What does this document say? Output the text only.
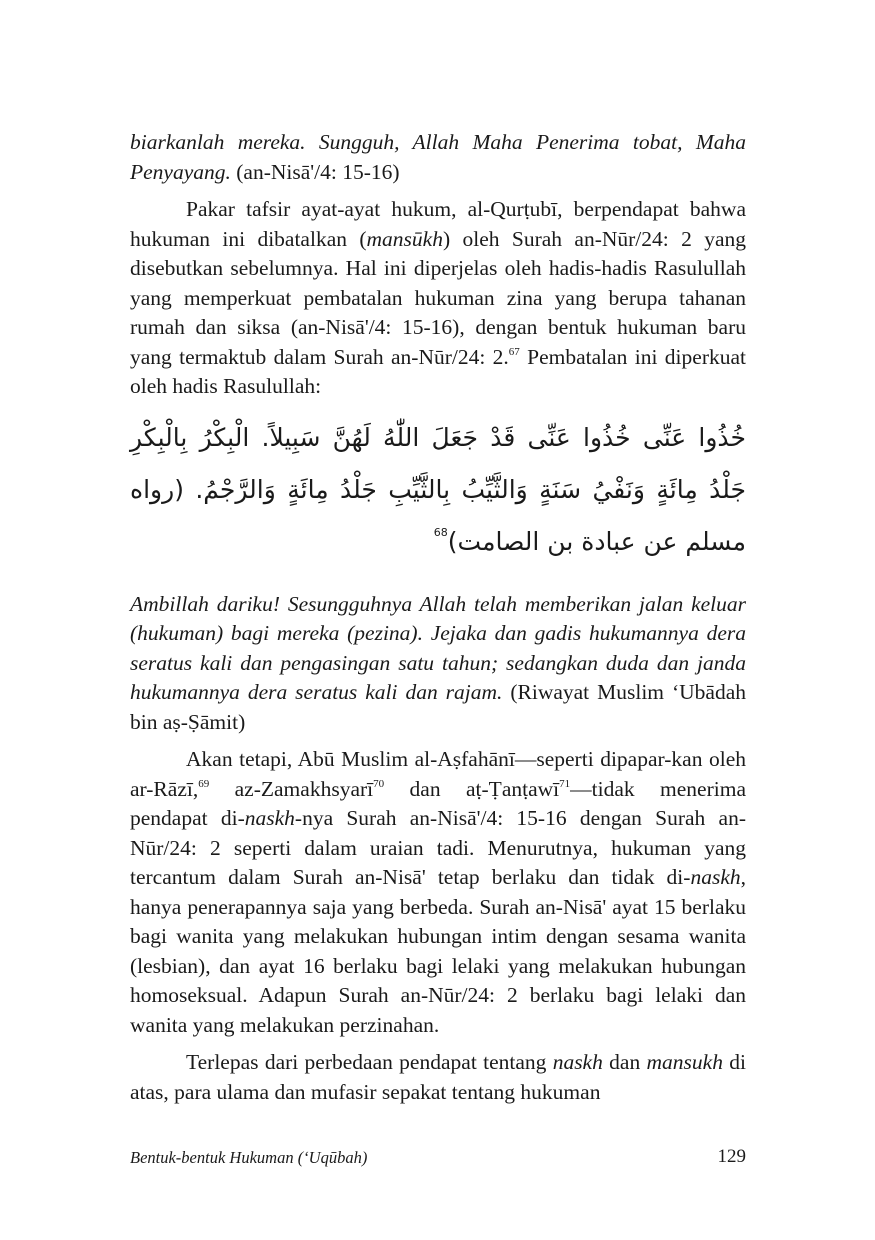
biarkanlah mereka. Sungguh, Allah Maha Penerima tobat, Maha Penyayang. (an-Nisā'/4: 15-16)

Pakar tafsir ayat-ayat hukum, al-Qurṭubī, berpendapat bahwa hukuman ini dibatalkan (mansūkh) oleh Surah an-Nūr/24: 2 yang disebutkan sebelumnya. Hal ini diperjelas oleh hadis-hadis Rasulullah yang memperkuat pembatalan hukuman zina yang berupa tahanan rumah dan siksa (an-Nisā'/4: 15-16), dengan bentuk hukuman baru yang termaktub dalam Surah an-Nūr/24: 2.67 Pembatalan ini diperkuat oleh hadis Rasulullah:

خُذُوا عَنِّى خُذُوا عَنِّى قَدْ جَعَلَ اللّٰهُ لَهُنَّ سَبِيلاً. الْبِكْرُ بِالْبِكْرِ جَلْدُ مِائَةٍ وَنَفْيُ سَنَةٍ وَالثَّيِّبُ بِالثَّيِّبِ جَلْدُ مِائَةٍ وَالرَّجْمُ. (رواه مسلم عن عبادة بن الصامت)$^{68}$

Ambillah dariku! Sesungguhnya Allah telah memberikan jalan keluar (hukuman) bagi mereka (pezina). Jejaka dan gadis hukumannya dera seratus kali dan pengasingan satu tahun; sedangkan duda dan janda hukumannya dera seratus kali dan rajam. (Riwayat Muslim ‘Ubādah bin aṣ-Ṣāmit)

Akan tetapi, Abū Muslim al-Aṣfahānī—seperti dipapar-kan oleh ar-Rāzī,$^{69}$ az-Zamakhsyarī$^{70}$ dan aṭ-Ṭanṭawī$^{71}$—tidak menerima pendapat di-naskh-nya Surah an-Nisā'/4: 15-16 dengan Surah an-Nūr/24: 2 seperti dalam uraian tadi. Menurutnya, hukuman yang tercantum dalam Surah an-Nisā' tetap berlaku dan tidak di-naskh, hanya penerapannya saja yang berbeda. Surah an-Nisā' ayat 15 berlaku bagi wanita yang melakukan hubungan intim dengan sesama wanita (lesbian), dan ayat 16 berlaku bagi lelaki yang melakukan hubungan homoseksual. Adapun Surah an-Nūr/24: 2 berlaku bagi lelaki dan wanita yang melakukan perzinahan.

Terlepas dari perbedaan pendapat tentang naskh dan mansukh di atas, para ulama dan mufasir sepakat tentang hukuman

Bentuk-bentuk Hukuman (‘Uqūbah)	129
